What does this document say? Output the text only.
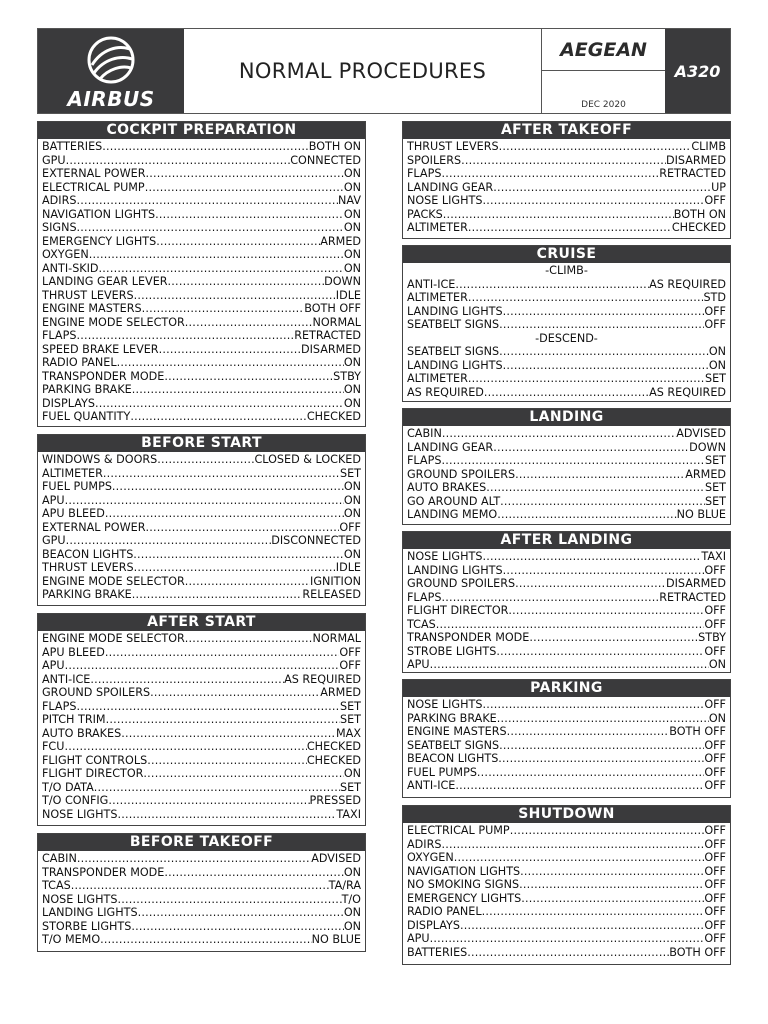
AIRBUS
NORMAL PROCEDURES
AEGEAN
DEC 2020
A320
COCKPIT PREPARATION
BATTERIES .....	BOTH ON
GPU .....	CONNECTED
EXTERNAL POWER .....	ON
ELECTRICAL PUMP .....	ON
ADIRS .....	NAV
NAVIGATION LIGHTS .....	ON
SIGNS .....	ON
EMERGENCY LIGHTS .....	ARMED
OXYGEN .....	ON
ANTI-SKID .....	ON
LANDING GEAR LEVER .....	DOWN
THRUST LEVERS .....	IDLE
ENGINE MASTERS .....	BOTH OFF
ENGINE MODE SELECTOR .....	NORMAL
FLAPS .....	RETRACTED
SPEED BRAKE LEVER .....	DISARMED
RADIO PANEL .....	ON
TRANSPONDER MODE .....	STBY
PARKING BRAKE .....	ON
DISPLAYS .....	ON
FUEL QUANTITY .....	CHECKED
BEFORE START
WINDOWS & DOORS .....	CLOSED & LOCKED
ALTIMETER .....	SET
FUEL PUMPS .....	ON
APU .....	ON
APU BLEED .....	ON
EXTERNAL POWER .....	OFF
GPU .....	DISCONNECTED
BEACON LIGHTS .....	ON
THRUST LEVERS .....	IDLE
ENGINE MODE SELECTOR .....	IGNITION
PARKING BRAKE .....	RELEASED
AFTER START
ENGINE MODE SELECTOR .....	NORMAL
APU BLEED .....	OFF
APU .....	OFF
ANTI-ICE .....	AS REQUIRED
GROUND SPOILERS .....	ARMED
FLAPS .....	SET
PITCH TRIM .....	SET
AUTO BRAKES .....	MAX
FCU .....	CHECKED
FLIGHT CONTROLS .....	CHECKED
FLIGHT DIRECTOR .....	ON
T/O DATA .....	SET
T/O CONFIG .....	PRESSED
NOSE LIGHTS .....	TAXI
BEFORE TAKEOFF
CABIN .....	ADVISED
TRANSPONDER MODE .....	ON
TCAS .....	TA/RA
NOSE LIGHTS .....	T/O
LANDING LIGHTS .....	ON
STORBE LIGHTS .....	ON
T/O MEMO .....	NO BLUE
AFTER TAKEOFF
THRUST LEVERS .....	CLIMB
SPOILERS .....	DISARMED
FLAPS .....	RETRACTED
LANDING GEAR .....	UP
NOSE LIGHTS .....	OFF
PACKS .....	BOTH ON
ALTIMETER .....	CHECKED
CRUISE
-CLIMB-
ANTI-ICE .....	AS REQUIRED
ALTIMETER .....	STD
LANDING LIGHTS .....	OFF
SEATBELT SIGNS .....	OFF
-DESCEND-
SEATBELT SIGNS .....	ON
LANDING LIGHTS .....	ON
ALTIMETER .....	SET
AS REQUIRED .....	AS REQUIRED
LANDING
CABIN .....	ADVISED
LANDING GEAR .....	DOWN
FLAPS .....	SET
GROUND SPOILERS .....	ARMED
AUTO BRAKES .....	SET
GO AROUND ALT .....	SET
LANDING MEMO .....	NO BLUE
AFTER LANDING
NOSE LIGHTS .....	TAXI
LANDING LIGHTS .....	OFF
GROUND SPOILERS .....	DISARMED
FLAPS .....	RETRACTED
FLIGHT DIRECTOR .....	OFF
TCAS .....	OFF
TRANSPONDER MODE .....	STBY
STROBE LIGHTS .....	OFF
APU .....	ON
PARKING
NOSE LIGHTS .....	OFF
PARKING BRAKE .....	ON
ENGINE MASTERS .....	BOTH OFF
SEATBELT SIGNS .....	OFF
BEACON LIGHTS .....	OFF
FUEL PUMPS .....	OFF
ANTI-ICE .....	OFF
SHUTDOWN
ELECTRICAL PUMP .....	OFF
ADIRS .....	OFF
OXYGEN .....	OFF
NAVIGATION LIGHTS .....	OFF
NO SMOKING SIGNS .....	OFF
EMERGENCY LIGHTS .....	OFF
RADIO PANEL .....	OFF
DISPLAYS .....	OFF
APU .....	OFF
BATTERIES .....	BOTH OFF
